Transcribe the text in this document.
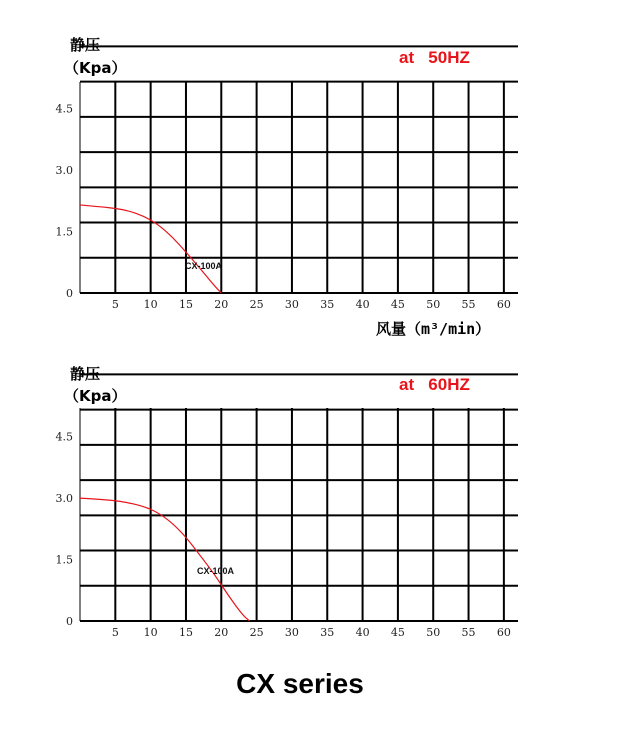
静压
（Kpa）
at   50HZ
4.5
3.0
1.5
0
5 10 15 20 25 30 35 40 45 50 55 60
CX-100A
风量（m³/min）
静压
（Kpa）
at   60HZ
4.5
3.0
1.5
0
5 10 15 20 25 30 35 40 45 50 55 60
CX-100A
CX series
